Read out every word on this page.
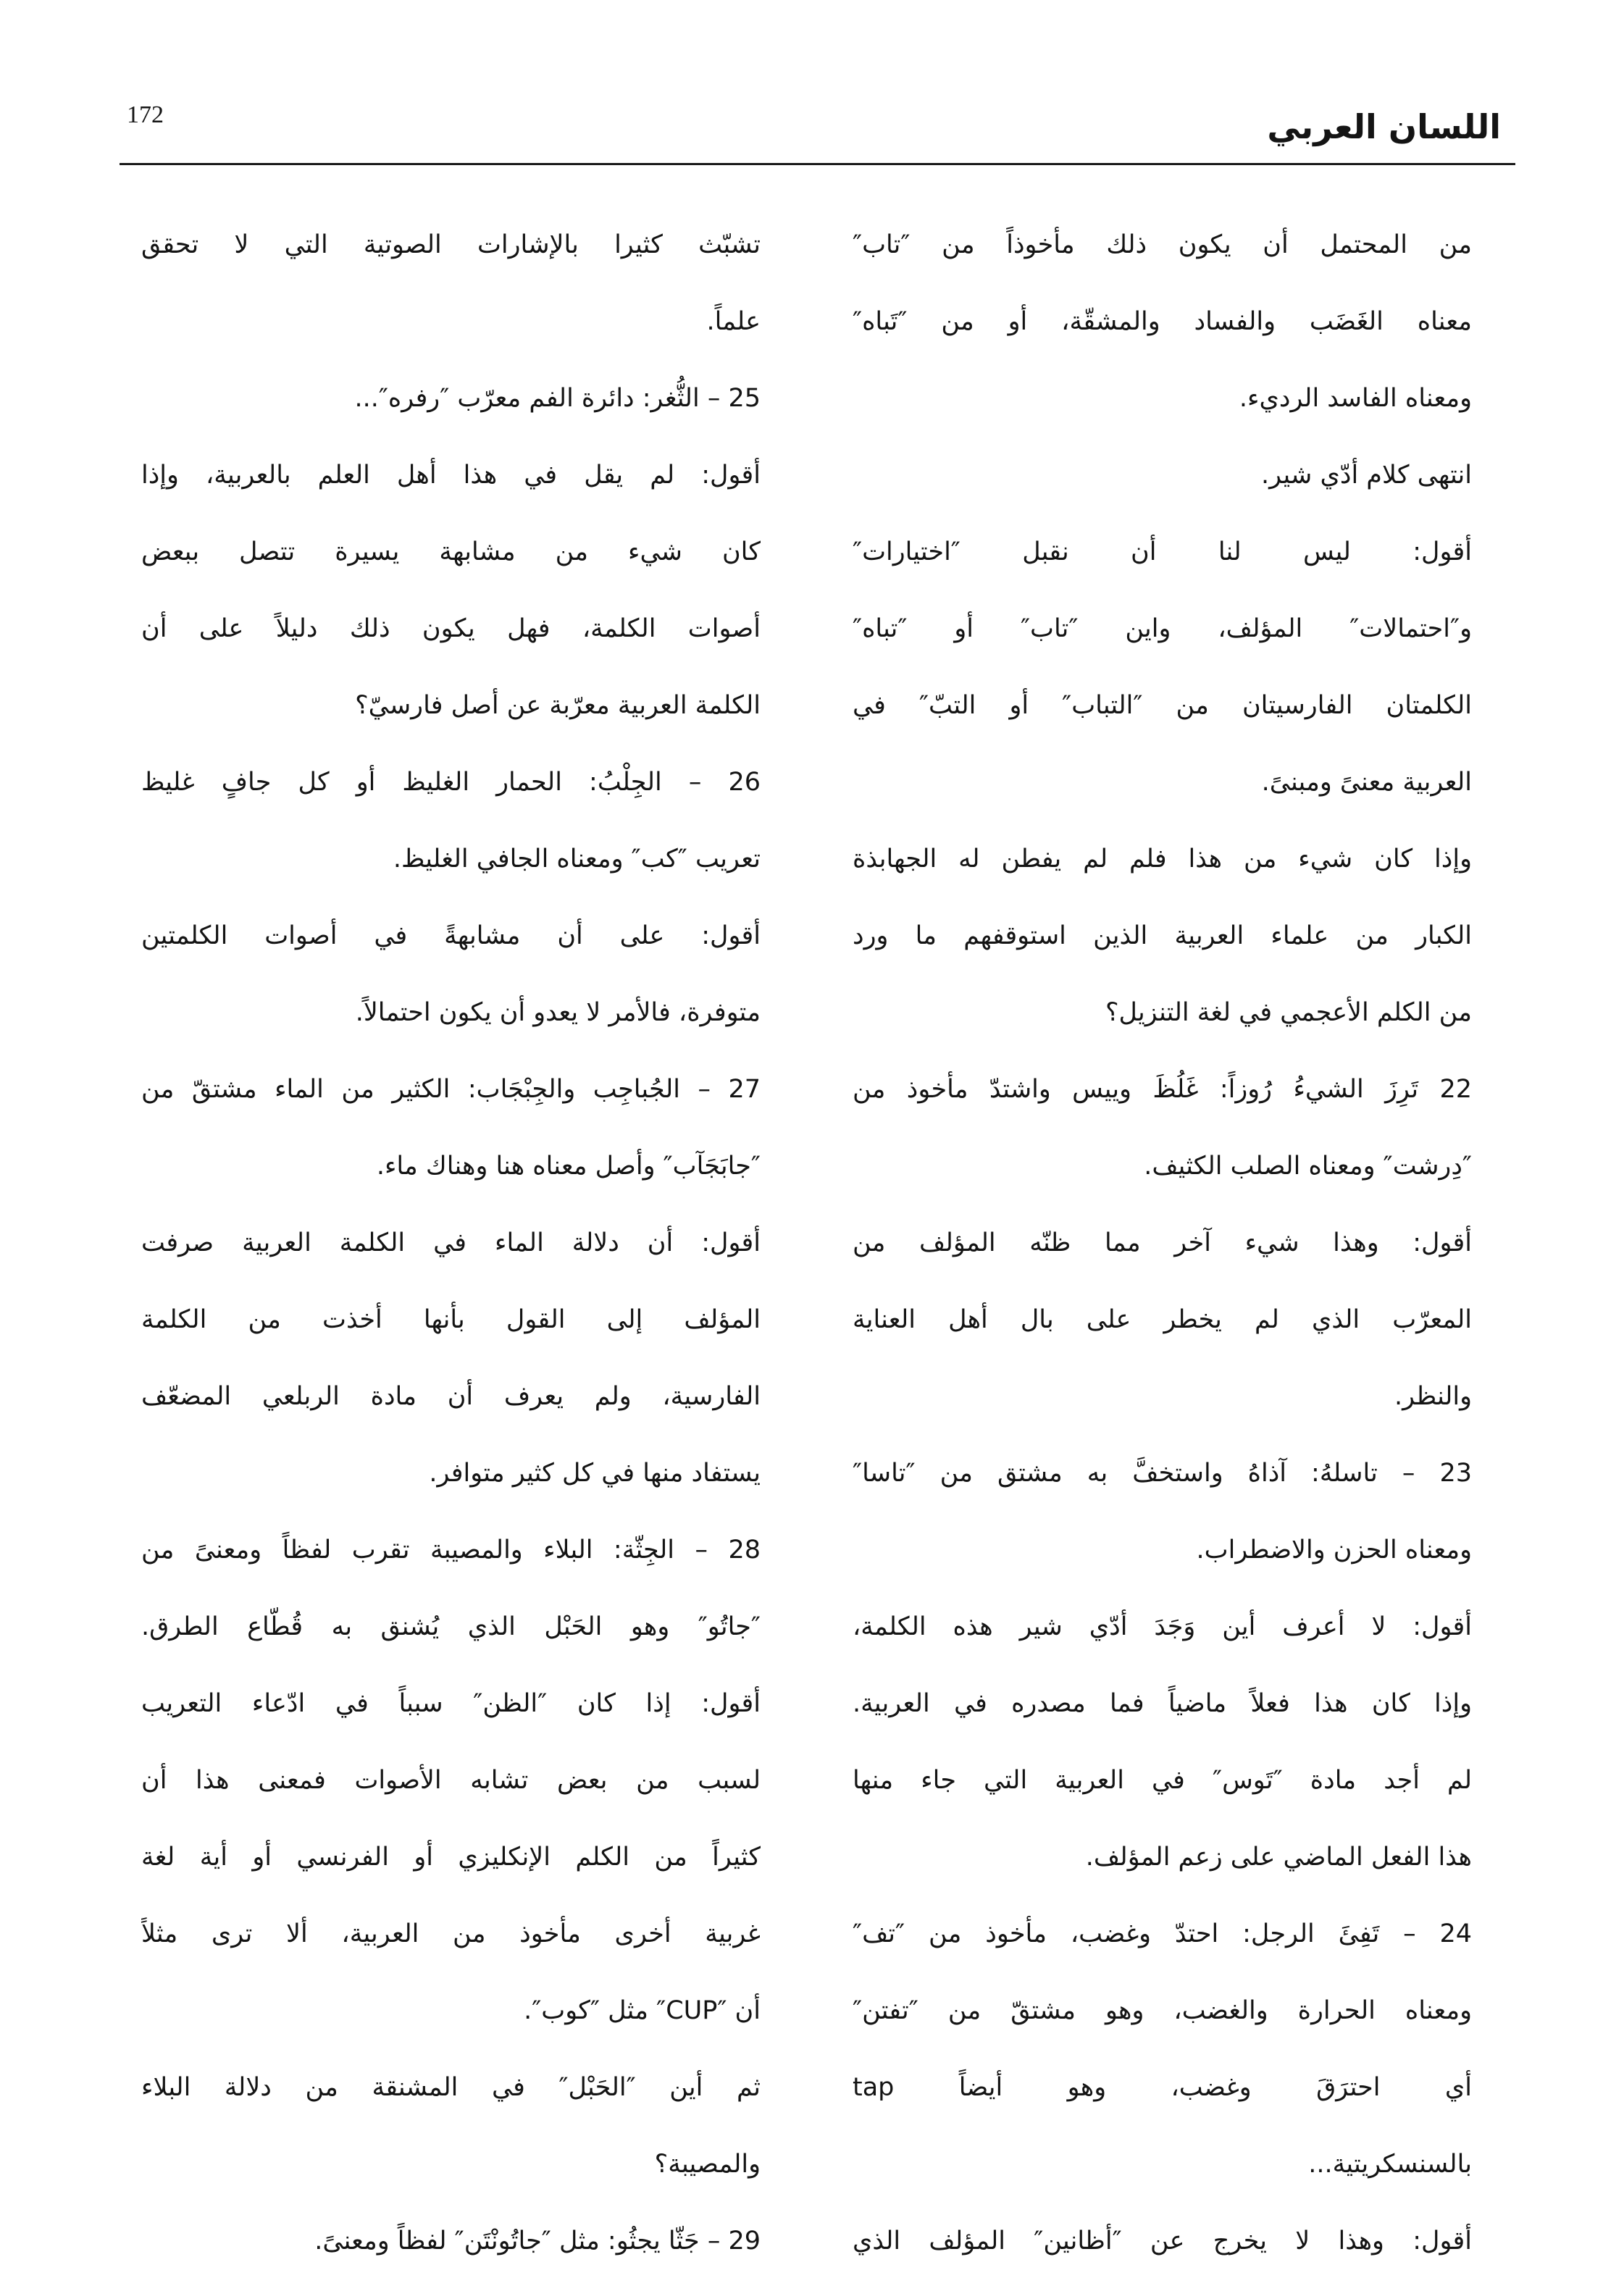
172	اللسان العربي
من المحتمل أن يكون ذلك مأخوذاً من ″تاب″
معناه الغَضَب والفساد والمشقّة، أو من ″تَباه″
ومعناه الفاسد الرديء.
انتهى كلام أدّي شير.
أقول: ليس لنا أن نقبل ″اختيارات″
و″احتمالات″ المؤلف، واين ″تاب″ أو ″تباه″
الكلمتان الفارسيتان من ″التباب″ أو التبّ″ في
العربية معنىً ومبنىً.
وإذا كان شيء من هذا فلم لم يفطن له الجهابذة
الكبار من علماء العربية الذين استوقفهم ما ورد
من الكلم الأعجمي في لغة التنزيل؟
22 تَرِزَ الشيءُ رُوزاً: غَلُظَ وييس واشتدّ مأخوذ من
″دِرشت″ ومعناه الصلب الكثيف.
أقول: وهذا شيء آخر مما ظنّه المؤلف من
المعرّب الذي لم يخطر على بال أهل العناية
والنظر.
23 – تاسلهُ: آذاهُ واستخفَّ به مشتق من ″تاسا″
ومعناه الحزن والاضطراب.
أقول: لا أعرف أين وَجَدَ أدّي شير هذه الكلمة،
وإذا كان هذا فعلاً ماضياً فما مصدره في العربية.
لم أجد مادة ″تَوس″ في العربية التي جاء منها
هذا الفعل الماضي على زعم المؤلف.
24 – تَفِئَ الرجل: احتدّ وغضب، مأخوذ من ″تف″
ومعناه الحرارة والغضب، وهو مشتقّ من ″تفتن″
أي احترَقَ وغضب، وهو أيضاً tap
بالسنسكريتية...
أقول: وهذا لا يخرج عن ″أظانين″ المؤلف الذي
تشبّث كثيرا بالإشارات الصوتية التي لا تحقق
علماً.
25 – الثُّغر: دائرة الفم معرّب ″رفره″...
أقول: لم يقل في هذا أهل العلم بالعربية، وإذا
كان شيء من مشابهة يسيرة تتصل ببعض
أصوات الكلمة، فهل يكون ذلك دليلاً على أن
الكلمة العربية معرّبة عن أصل فارسيّ؟
26 – الجِلْبُ: الحمار الغليظ أو كل جافٍ غليظ
تعريب ″كب″ ومعناه الجافي الغليظ.
أقول: على أن مشابهةً في أصوات الكلمتين
متوفرة، فالأمر لا يعدو أن يكون احتمالاً.
27 – الجُباجِب والجِبْجَاب: الكثير من الماء مشتقّ من
″جابَجَآب″ وأصل معناه هنا وهناك ماء.
أقول: أن دلالة الماء في الكلمة العربية صرفت
المؤلف إلى القول بأنها أخذت من الكلمة
الفارسية، ولم يعرف أن مادة الربلعي المضعّف
يستفاد منها في كل كثير متوافر.
28 – الجِثّة: البلاء والمصيبة تقرب لفظاً ومعنىً من
″جاتُو″ وهو الحَبْل الذي يُشنق به قُطّاع الطرق.
أقول: إذا كان ″الظن″ سبباً في ادّعاء التعريب
لسبب من بعض تشابه الأصوات فمعنى هذا أن
كثيراً من الكلم الإنكليزي أو الفرنسي أو أية لغة
غربية أخرى مأخوذ من العربية، ألا ترى مثلاً
أن ″CUP″ مثل ″كوب″.
ثم أين ″الحَبْل″ في المشنقة من دلالة البلاء
والمصيبة؟
29 – جَثّا يجثُو: مثل ″جاتُونْتَن″ لفظاً ومعنىً.
